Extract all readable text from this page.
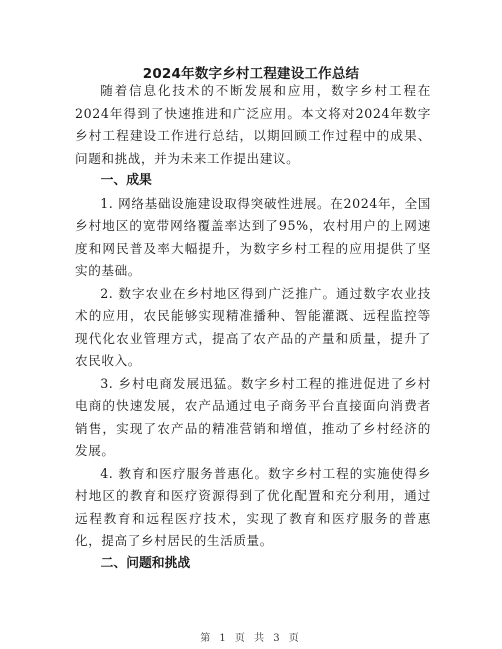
2024年数字乡村工程建设工作总结

随着信息化技术的不断发展和应用，数字乡村工程在2024年得到了快速推进和广泛应用。本文将对2024年数字乡村工程建设工作进行总结，以期回顾工作过程中的成果、问题和挑战，并为未来工作提出建议。

一、成果

1. 网络基础设施建设取得突破性进展。在2024年，全国乡村地区的宽带网络覆盖率达到了95%，农村用户的上网速度和网民普及率大幅提升，为数字乡村工程的应用提供了坚实的基础。

2. 数字农业在乡村地区得到广泛推广。通过数字农业技术的应用，农民能够实现精准播种、智能灌溉、远程监控等现代化农业管理方式，提高了农产品的产量和质量，提升了农民收入。

3. 乡村电商发展迅猛。数字乡村工程的推进促进了乡村电商的快速发展，农产品通过电子商务平台直接面向消费者销售，实现了农产品的精准营销和增值，推动了乡村经济的发展。

4. 教育和医疗服务普惠化。数字乡村工程的实施使得乡村地区的教育和医疗资源得到了优化配置和充分利用，通过远程教育和远程医疗技术，实现了教育和医疗服务的普惠化，提高了乡村居民的生活质量。

二、问题和挑战

第 1 页 共 3 页
